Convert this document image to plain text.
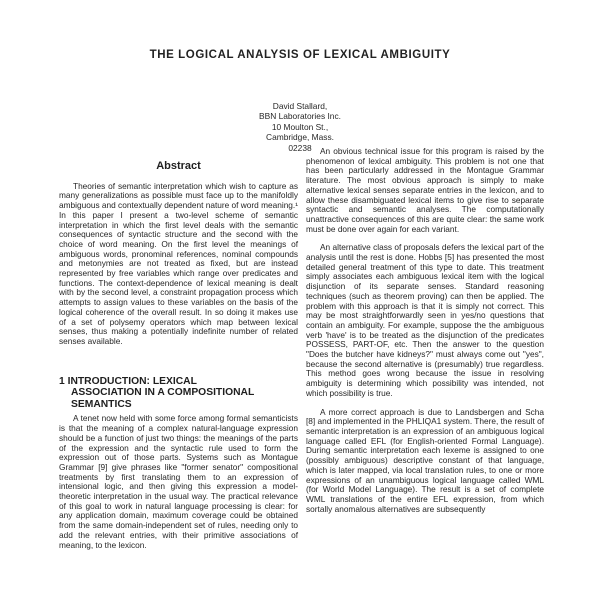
THE LOGICAL ANALYSIS OF LEXICAL AMBIGUITY
David Stallard,
BBN Laboratories Inc.
10 Moulton St.,
Cambridge, Mass.
02238
Abstract

Theories of semantic interpretation which wish to capture as many generalizations as possible must face up to the manifoldly ambiguous and contextually dependent nature of word meaning.¹ In this paper I present a two-level scheme of semantic interpretation in which the first level deals with the semantic consequences of syntactic structure and the second with the choice of word meaning. On the first level the meanings of ambiguous words, pronominal references, nominal compounds and metonymies are not treated as fixed, but are instead represented by free variables which range over predicates and functions. The context-dependence of lexical meaning is dealt with by the second level, a constraint propagation process which attempts to assign values to these variables on the basis of the logical coherence of the overall result. In so doing it makes use of a set of polysemy operators which map between lexical senses, thus making a potentially indefinite number of related senses available.

1 INTRODUCTION: LEXICAL
ASSOCIATION IN A COMPOSITIONAL
SEMANTICS

A tenet now held with some force among formal semanticists is that the meaning of a complex natural-language expression should be a function of just two things: the meanings of the parts of the expression and the syntactic rule used to form the expression out of those parts. Systems such as Montague Grammar [9] give phrases like "former senator" compositional treatments by first translating them to an expression of intensional logic, and then giving this expression a model-theoretic interpretation in the usual way. The practical relevance of this goal to work in natural language processing is clear: for any application domain, maximum coverage could be obtained from the same domain-independent set of rules, needing only to add the relevant entries, with their primitive associations of meaning, to the lexicon.

An obvious technical issue for this program is raised by the phenomenon of lexical ambiguity. This problem is not one that has been particularly addressed in the Montague Grammar literature. The most obvious approach is simply to make alternative lexical senses separate entries in the lexicon, and to allow these disambiguated lexical items to give rise to separate syntactic and semantic analyses. The computationally unattractive consequences of this are quite clear: the same work must be done over again for each variant.

An alternative class of proposals defers the lexical part of the analysis until the rest is done. Hobbs [5] has presented the most detailed general treatment of this type to date. This treatment simply associates each ambiguous lexical item with the logical disjunction of its separate senses. Standard reasoning techniques (such as theorem proving) can then be applied. The problem with this approach is that it is simply not correct. This may be most straightforwardly seen in yes/no questions that contain an ambiguity. For example, suppose the the ambiguous verb 'have' is to be treated as the disjunction of the predicates POSSESS, PART-OF, etc. Then the answer to the question "Does the butcher have kidneys?" must always come out "yes", because the second alternative is (presumably) true regardless. This method goes wrong because the issue in resolving ambiguity is determining which possibility was intended, not which possibility is true.

A more correct approach is due to Landsbergen and Scha [8] and implemented in the PHLIQA1 system. There, the result of semantic interpretation is an expression of an ambiguous logical language called EFL (for English-oriented Formal Language). During semantic interpretation each lexeme is assigned to one (possibly ambiguous) descriptive constant of that language, which is later mapped, via local translation rules, to one or more expressions of an unambiguous logical language called WML (for World Model Language). The result is a set of complete WML translations of the entire EFL expression, from which sortally anomalous alternatives are subsequently
